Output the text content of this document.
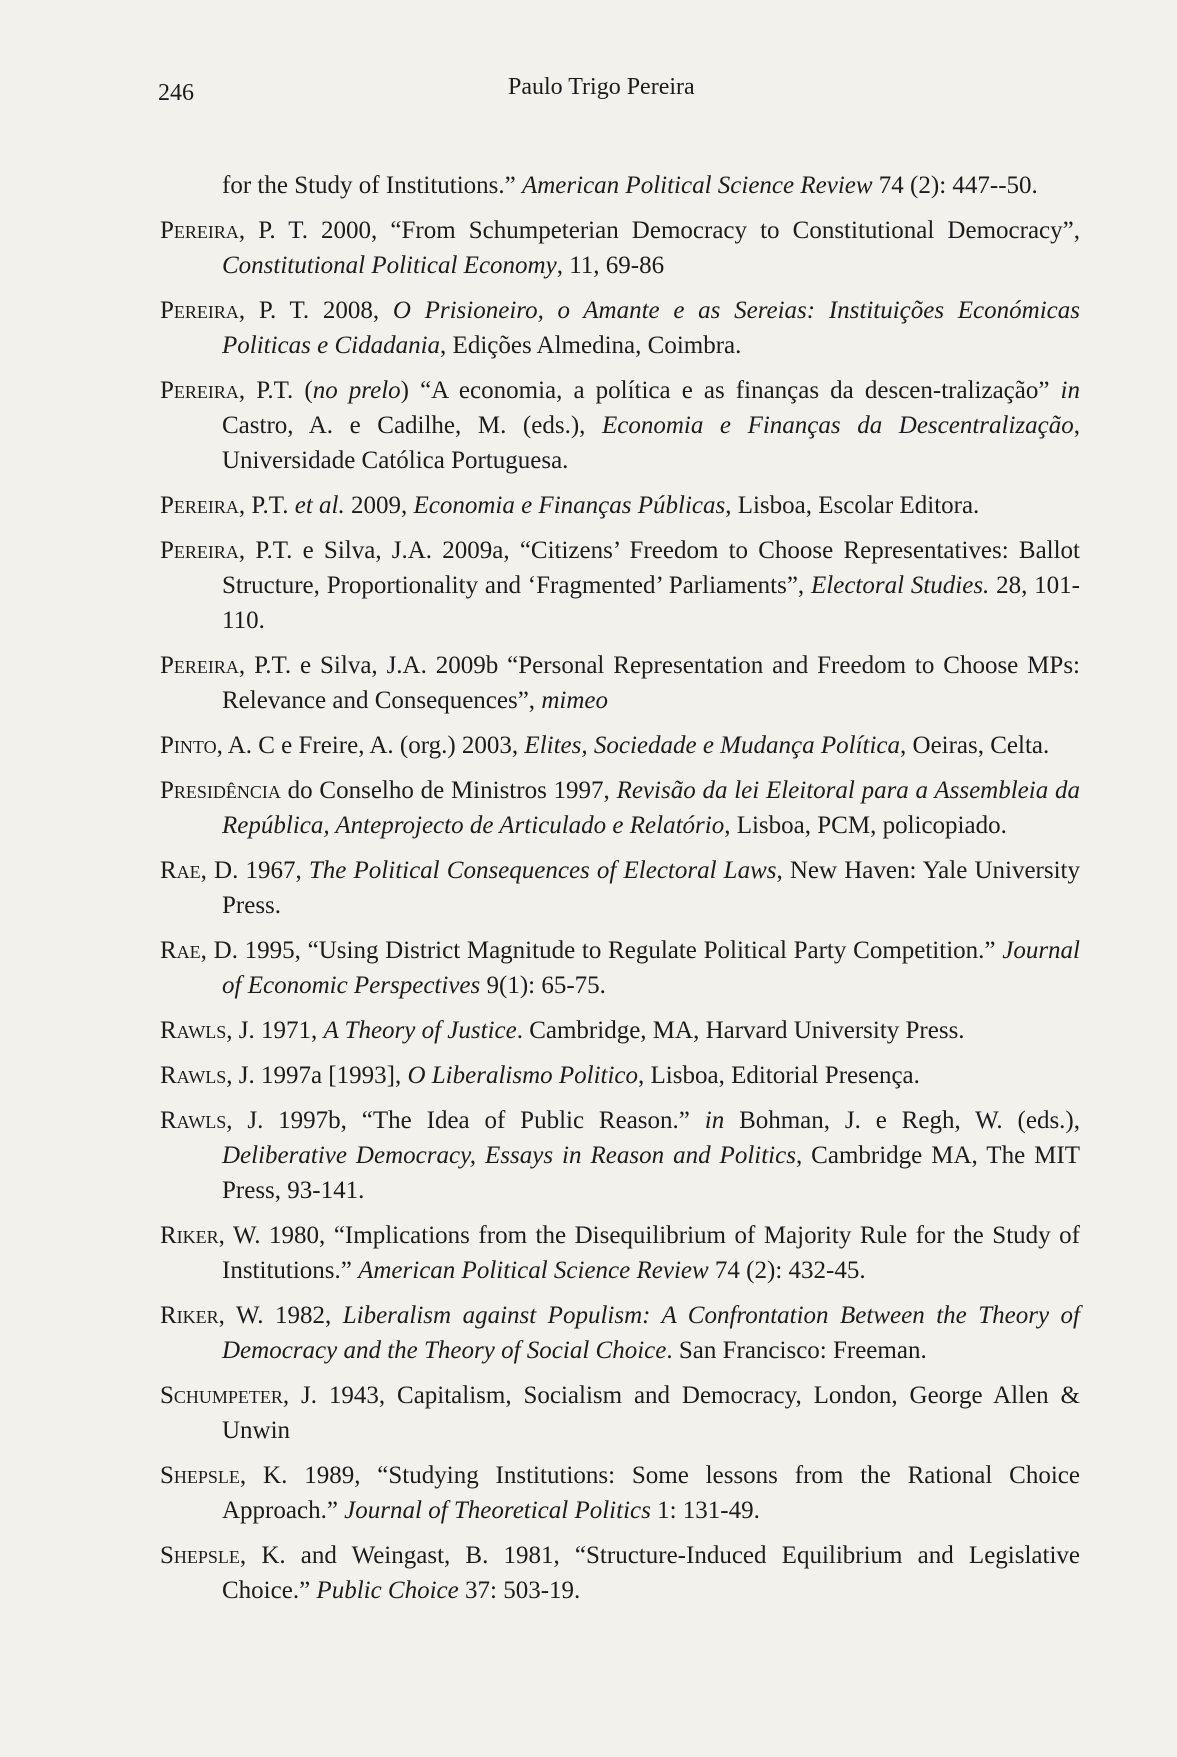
246	Paulo Trigo Pereira

for the Study of Institutions.” American Political Science Review 74 (2): 447--50.

Pereira, P. T. 2000, “From Schumpeterian Democracy to Constitutional Democracy”, Constitutional Political Economy, 11, 69-86

Pereira, P. T. 2008, O Prisioneiro, o Amante e as Sereias: Instituições Económicas Politicas e Cidadania, Edições Almedina, Coimbra.

Pereira, P.T. (no prelo) “A economia, a política e as finanças da descen-tralização” in Castro, A. e Cadilhe, M. (eds.), Economia e Finanças da Descentralização, Universidade Católica Portuguesa.

Pereira, P.T. et al. 2009, Economia e Finanças Públicas, Lisboa, Escolar Editora.

Pereira, P.T. e Silva, J.A. 2009a, “Citizens’ Freedom to Choose Representatives: Ballot Structure, Proportionality and ‘Fragmented’ Parliaments”, Electoral Studies. 28, 101-110.

Pereira, P.T. e Silva, J.A. 2009b “Personal Representation and Freedom to Choose MPs: Relevance and Consequences”, mimeo

Pinto, A. C e Freire, A. (org.) 2003, Elites, Sociedade e Mudança Política, Oeiras, Celta.

Presidência do Conselho de Ministros 1997, Revisão da lei Eleitoral para a Assembleia da República, Anteprojecto de Articulado e Relatório, Lisboa, PCM, policopiado.

Rae, D. 1967, The Political Consequences of Electoral Laws, New Haven: Yale University Press.

Rae, D. 1995, “Using District Magnitude to Regulate Political Party Competition.” Journal of Economic Perspectives 9(1): 65-75.

Rawls, J. 1971, A Theory of Justice. Cambridge, MA, Harvard University Press.

Rawls, J. 1997a [1993], O Liberalismo Politico, Lisboa, Editorial Presença.

Rawls, J. 1997b, “The Idea of Public Reason.” in Bohman, J. e Regh, W. (eds.), Deliberative Democracy, Essays in Reason and Politics, Cambridge MA, The MIT Press, 93-141.

Riker, W. 1980, “Implications from the Disequilibrium of Majority Rule for the Study of Institutions.” American Political Science Review 74 (2): 432-45.

Riker, W. 1982, Liberalism against Populism: A Confrontation Between the Theory of Democracy and the Theory of Social Choice. San Francisco: Freeman.

Schumpeter, J. 1943, Capitalism, Socialism and Democracy, London, George Allen & Unwin

Shepsle, K. 1989, “Studying Institutions: Some lessons from the Rational Choice Approach.” Journal of Theoretical Politics 1: 131-49.

Shepsle, K. and Weingast, B. 1981, “Structure-Induced Equilibrium and Legislative Choice.” Public Choice 37: 503-19.
